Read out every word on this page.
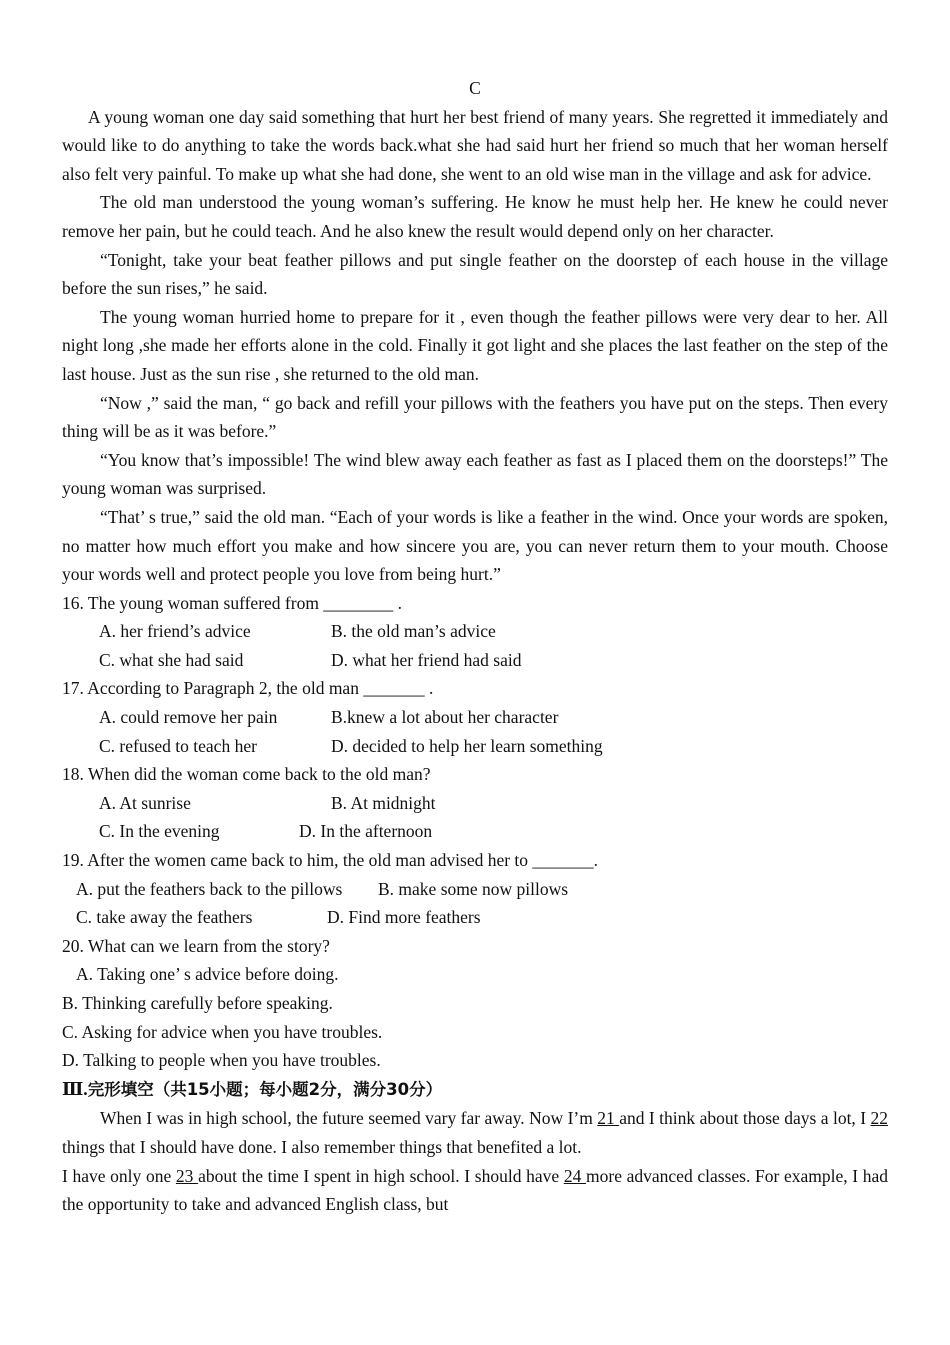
C

A young woman one day said something that hurt her best friend of many years. She regretted it immediately and would like to do anything to take the words back.what she had said hurt her friend so much that her woman herself also felt very painful. To make up what she had done, she went to an old wise man in the village and ask for advice.

The old man understood the young woman’s suffering. He know he must help her. He knew he could never remove her pain, but he could teach. And he also knew the result would depend only on her character.

“Tonight, take your beat feather pillows and put single feather on the doorstep of each house in the village before the sun rises,” he said.

The young woman hurried home to prepare for it , even though the feather pillows were very dear to her. All night long ,she made her efforts alone in the cold. Finally it got light and she places the last feather on the step of the last house. Just as the sun rise , she returned to the old man.

“Now ,” said the man, “ go back and refill your pillows with the feathers you have put on the steps. Then every thing will be as it was before.”

“You know that’s impossible! The wind blew away each feather as fast as I placed them on the doorsteps!” The young woman was surprised.

“That’ s true,” said the old man. “Each of your words is like a feather in the wind. Once your words are spoken, no matter how much effort you make and how sincere you are, you can never return them to your mouth. Choose your words well and protect people you love from being hurt.”

16. The young woman suffered from ________ .
A. her friend’s advice	B. the old man’s advice
C. what she had said	D. what her friend had said
17. According to Paragraph 2, the old man _______ .
A. could remove her pain	B.knew a lot about her character
C. refused to teach her	D. decided to help her learn something
18. When did the woman come back to the old man?
A. At sunrise	B. At midnight
C. In the evening	D. In the afternoon
19. After the women came back to him, the old man advised her to _______.
A. put the feathers back to the pillows B. make some now pillows
C. take away the feathers	D. Find more feathers
20. What can we learn from the story?
A. Taking one’ s advice before doing.
B. Thinking carefully before speaking.
C. Asking for advice when you have troubles.
D. Talking to people when you have troubles.
Ⅲ.完形填空（共15小题；每小题2分，满分30分）

When I was in high school, the future seemed vary far away. Now I’m 21 and I think about those days a lot, I 22 things that I should have done. I also remember things that benefited a lot.

I have only one 23 about the time I spent in high school. I should have 24 more advanced classes. For example, I had the opportunity to take and advanced English class, but
